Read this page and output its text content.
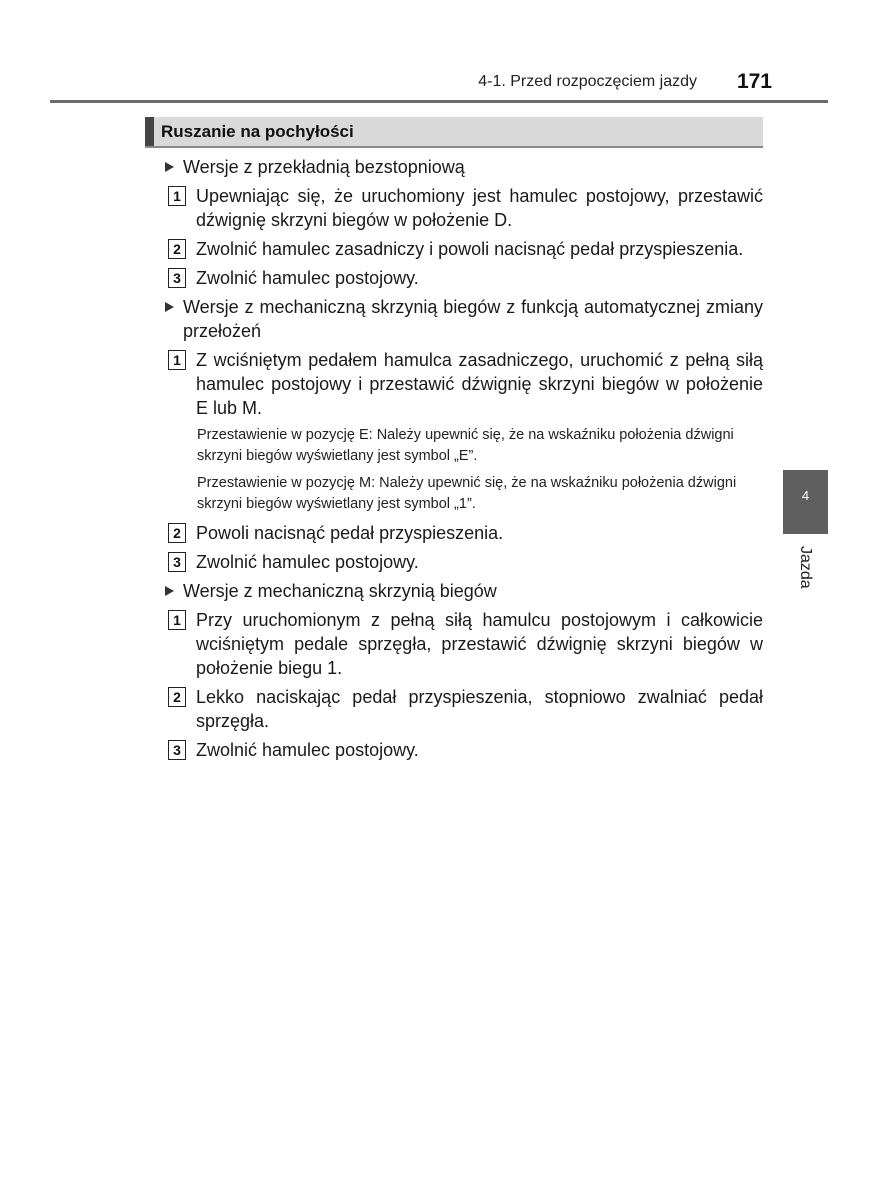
4-1. Przed rozpoczęciem jazdy 171
Ruszanie na pochyłości
Wersje z przekładnią bezstopniową
1 Upewniając się, że uruchomiony jest hamulec postojowy, przestawić dźwignię skrzyni biegów w położenie D.
2 Zwolnić hamulec zasadniczy i powoli nacisnąć pedał przyspieszenia.
3 Zwolnić hamulec postojowy.
Wersje z mechaniczną skrzynią biegów z funkcją automatycznej zmiany przełożeń
1 Z wciśniętym pedałem hamulca zasadniczego, uruchomić z pełną siłą hamulec postojowy i przestawić dźwignię skrzyni biegów w położenie E lub M.
Przestawienie w pozycję E: Należy upewnić się, że na wskaźniku położenia dźwigni skrzyni biegów wyświetlany jest symbol „E”.
Przestawienie w pozycję M: Należy upewnić się, że na wskaźniku położenia dźwigni skrzyni biegów wyświetlany jest symbol „1”.
2 Powoli nacisnąć pedał przyspieszenia.
3 Zwolnić hamulec postojowy.
Wersje z mechaniczną skrzynią biegów
1 Przy uruchomionym z pełną siłą hamulcu postojowym i całkowicie wciśniętym pedale sprzęgła, przestawić dźwignię skrzyni biegów w położenie biegu 1.
2 Lekko naciskając pedał przyspieszenia, stopniowo zwalniać pedał sprzęgła.
3 Zwolnić hamulec postojowy.
4
Jazda
